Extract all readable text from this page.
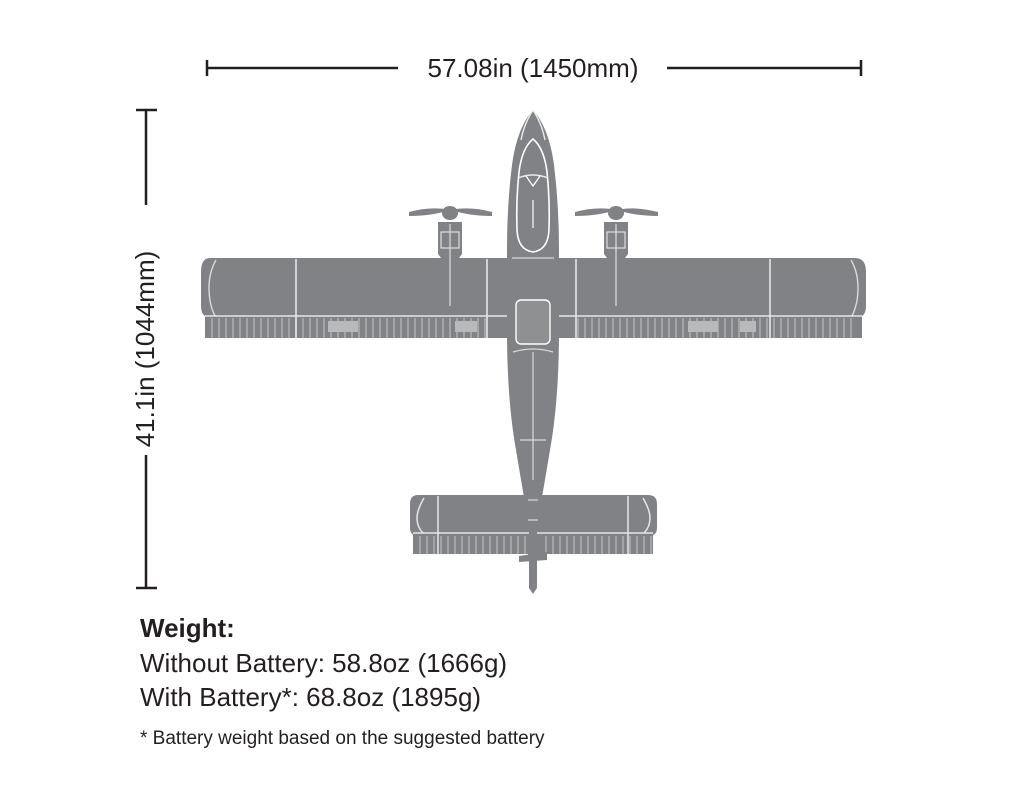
57.08in (1450mm)
41.1in (1044mm)
Weight:
Without Battery: 58.8oz (1666g)
With Battery*: 68.8oz (1895g)
* Battery weight based on the suggested battery
